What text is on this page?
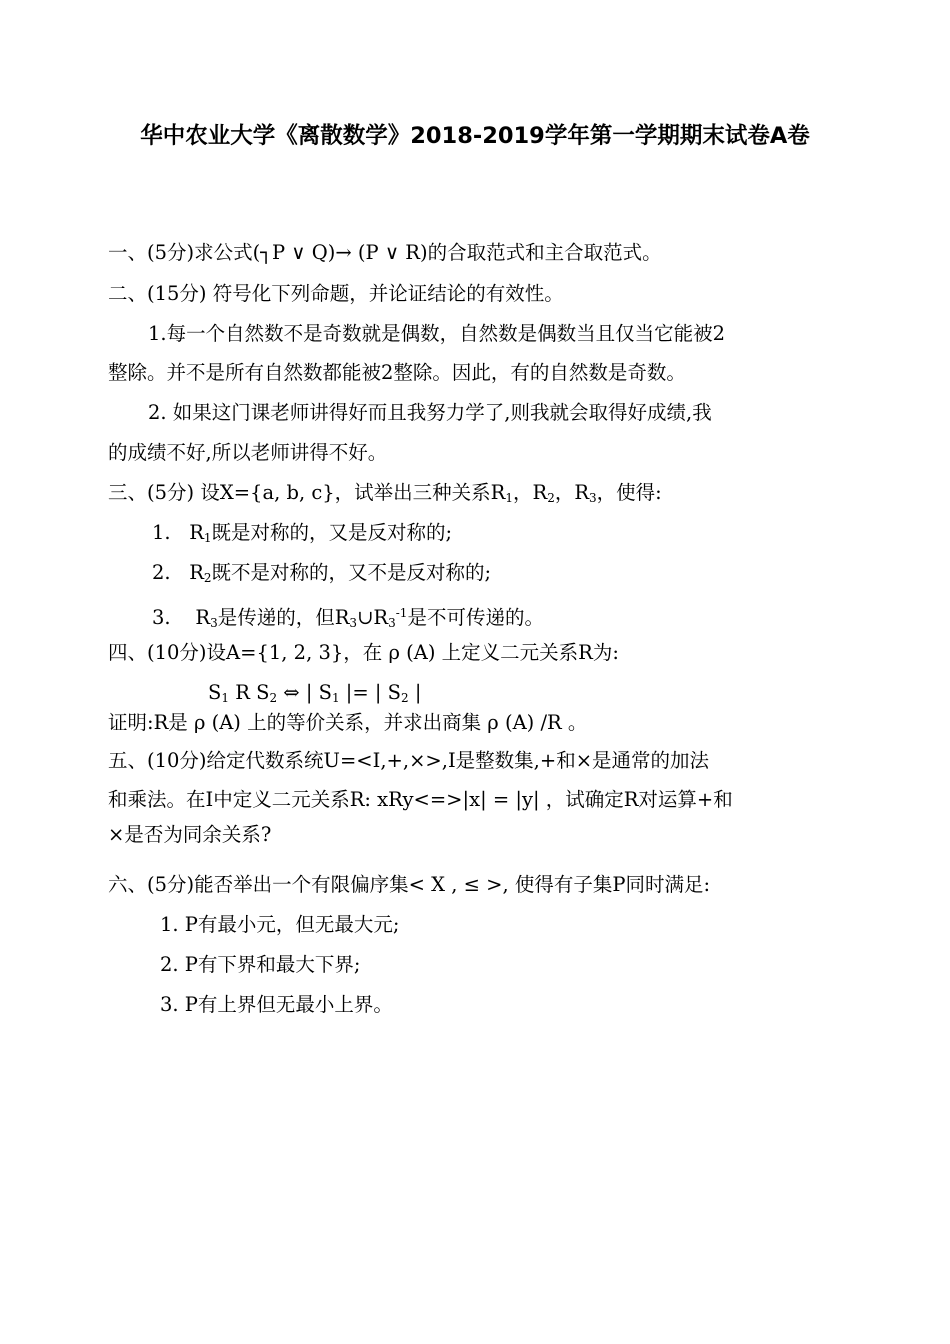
华中农业大学《离散数学》2018-2019学年第一学期期末试卷A卷
一、(5分)求公式(┐P ∨ Q)→ (P ∨ R)的合取范式和主合取范式。
二、(15分) 符号化下列命题，并论证结论的有效性。
1.每一个自然数不是奇数就是偶数，自然数是偶数当且仅当它能被2
整除。并不是所有自然数都能被2整除。因此，有的自然数是奇数。
2. 如果这门课老师讲得好而且我努力学了,则我就会取得好成绩,我
的成绩不好,所以老师讲得不好。
三、(5分) 设X={a, b, c}，试举出三种关系$R_1$，$R_2$，$R_3$，使得:
1. $R_1$既是对称的，又是反对称的;
2. $R_2$既不是对称的，又不是反对称的;
3. $R_3$是传递的，但$R_3\cup R_3^{-1}$是不可传递的。
四、(10分)设A={1, 2, 3}，在 ρ (A) 上定义二元关系R为:
$S_1$ R $S_2$ ⇔ | $S_1$ |= | $S_2$ |
证明:R是 ρ (A) 上的等价关系，并求出商集 ρ (A) /R 。
五、(10分)给定代数系统U=<I,+,×>,I是整数集,+和×是通常的加法
和乘法。在I中定义二元关系R: xRy<=>|x| = |y| ，试确定R对运算+和
×是否为同余关系?
六、(5分)能否举出一个有限偏序集< X , ≤ >, 使得有子集P同时满足:
1. P有最小元，但无最大元;
2. P有下界和最大下界;
3. P有上界但无最小上界。
